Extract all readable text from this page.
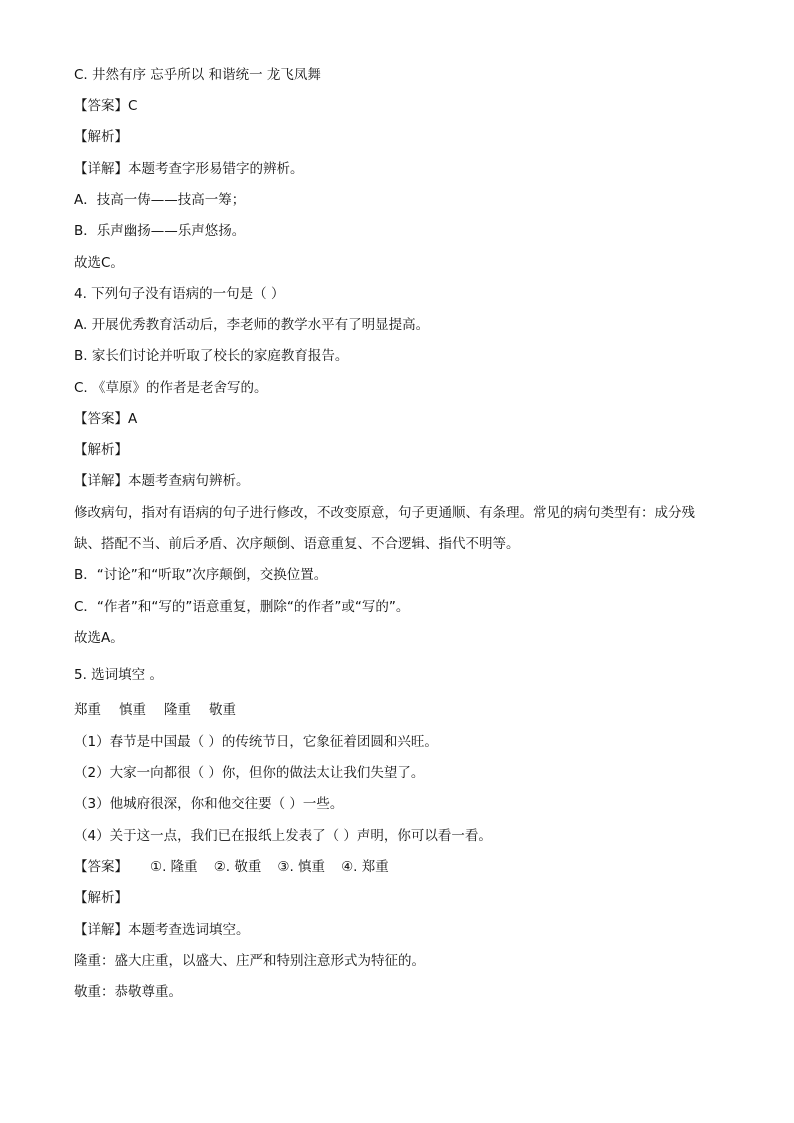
C. 井然有序 忘乎所以 和谐统一 龙飞凤舞
【答案】C
【解析】
【详解】本题考查字形易错字的辨析。
A．技高一俦——技高一筹；
B．乐声幽扬——乐声悠扬。
故选C。
4. 下列句子没有语病的一句是（ ）
A. 开展优秀教育活动后，李老师的教学水平有了明显提高。
B. 家长们讨论并听取了校长的家庭教育报告。
C. 《草原》的作者是老舍写的。
【答案】A
【解析】
【详解】本题考查病句辨析。
修改病句，指对有语病的句子进行修改，不改变原意，句子更通顺、有条理。常见的病句类型有：成分残
缺、搭配不当、前后矛盾、次序颠倒、语意重复、不合逻辑、指代不明等。
B．“讨论”和“听取”次序颠倒，交换位置。
C．“作者”和“写的”语意重复，删除“的作者”或“写的”。
故选A。
5. 选词填空 。
郑重 慎重 隆重 敬重
（1）春节是中国最（ ）的传统节日，它象征着团圆和兴旺。
（2）大家一向都很（ ）你，但你的做法太让我们失望了。
（3）他城府很深，你和他交往要（ ）一些。
（4）关于这一点，我们已在报纸上发表了（ ）声明，你可以看一看。
【答案】 ①. 隆重 ②. 敬重 ③. 慎重 ④. 郑重
【解析】
【详解】本题考查选词填空。
隆重：盛大庄重，以盛大、庄严和特别注意形式为特征的。
敬重：恭敬尊重。
